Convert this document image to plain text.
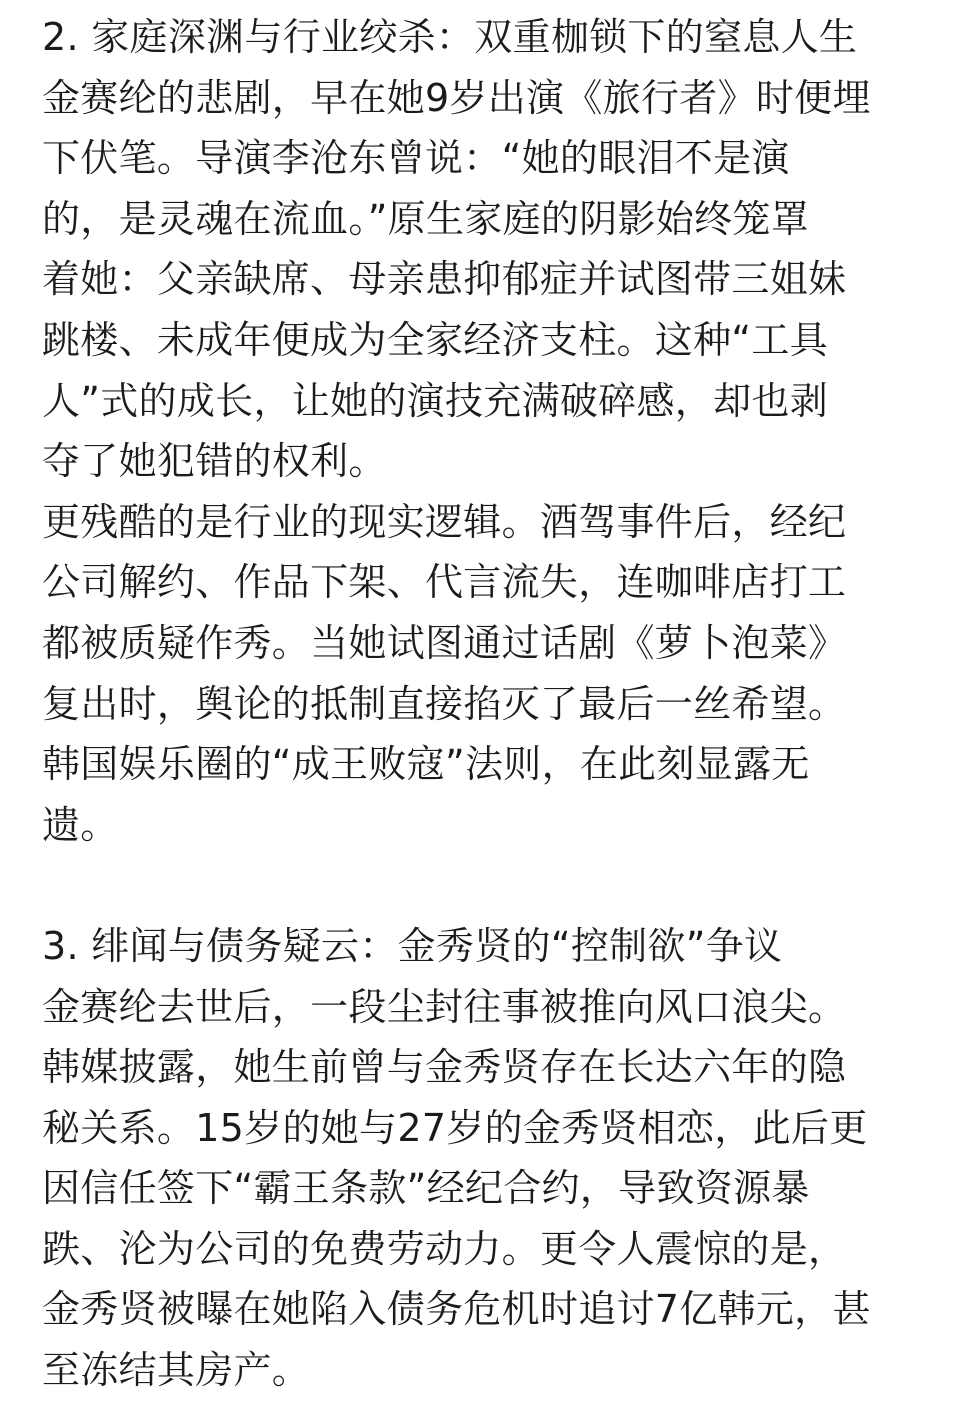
2. 家庭深渊与行业绞杀：双重枷锁下的窒息人生
金赛纶的悲剧，早在她9岁出演《旅行者》时便埋
下伏笔。导演李沧东曾说：“她的眼泪不是演
的，是灵魂在流血。”原生家庭的阴影始终笼罩
着她：父亲缺席、母亲患抑郁症并试图带三姐妹
跳楼、未成年便成为全家经济支柱。这种“工具
人”式的成长，让她的演技充满破碎感，却也剥
夺了她犯错的权利。
更残酷的是行业的现实逻辑。酒驾事件后，经纪
公司解约、作品下架、代言流失，连咖啡店打工
都被质疑作秀。当她试图通过话剧《萝卜泡菜》
复出时，舆论的抵制直接掐灭了最后一丝希望。
韩国娱乐圈的“成王败寇”法则，在此刻显露无
遗。
3. 绯闻与债务疑云：金秀贤的“控制欲”争议
金赛纶去世后，一段尘封往事被推向风口浪尖。
韩媒披露，她生前曾与金秀贤存在长达六年的隐
秘关系。15岁的她与27岁的金秀贤相恋，此后更
因信任签下“霸王条款”经纪合约，导致资源暴
跌、沦为公司的免费劳动力。更令人震惊的是，
金秀贤被曝在她陷入债务危机时追讨7亿韩元，甚
至冻结其房产。
